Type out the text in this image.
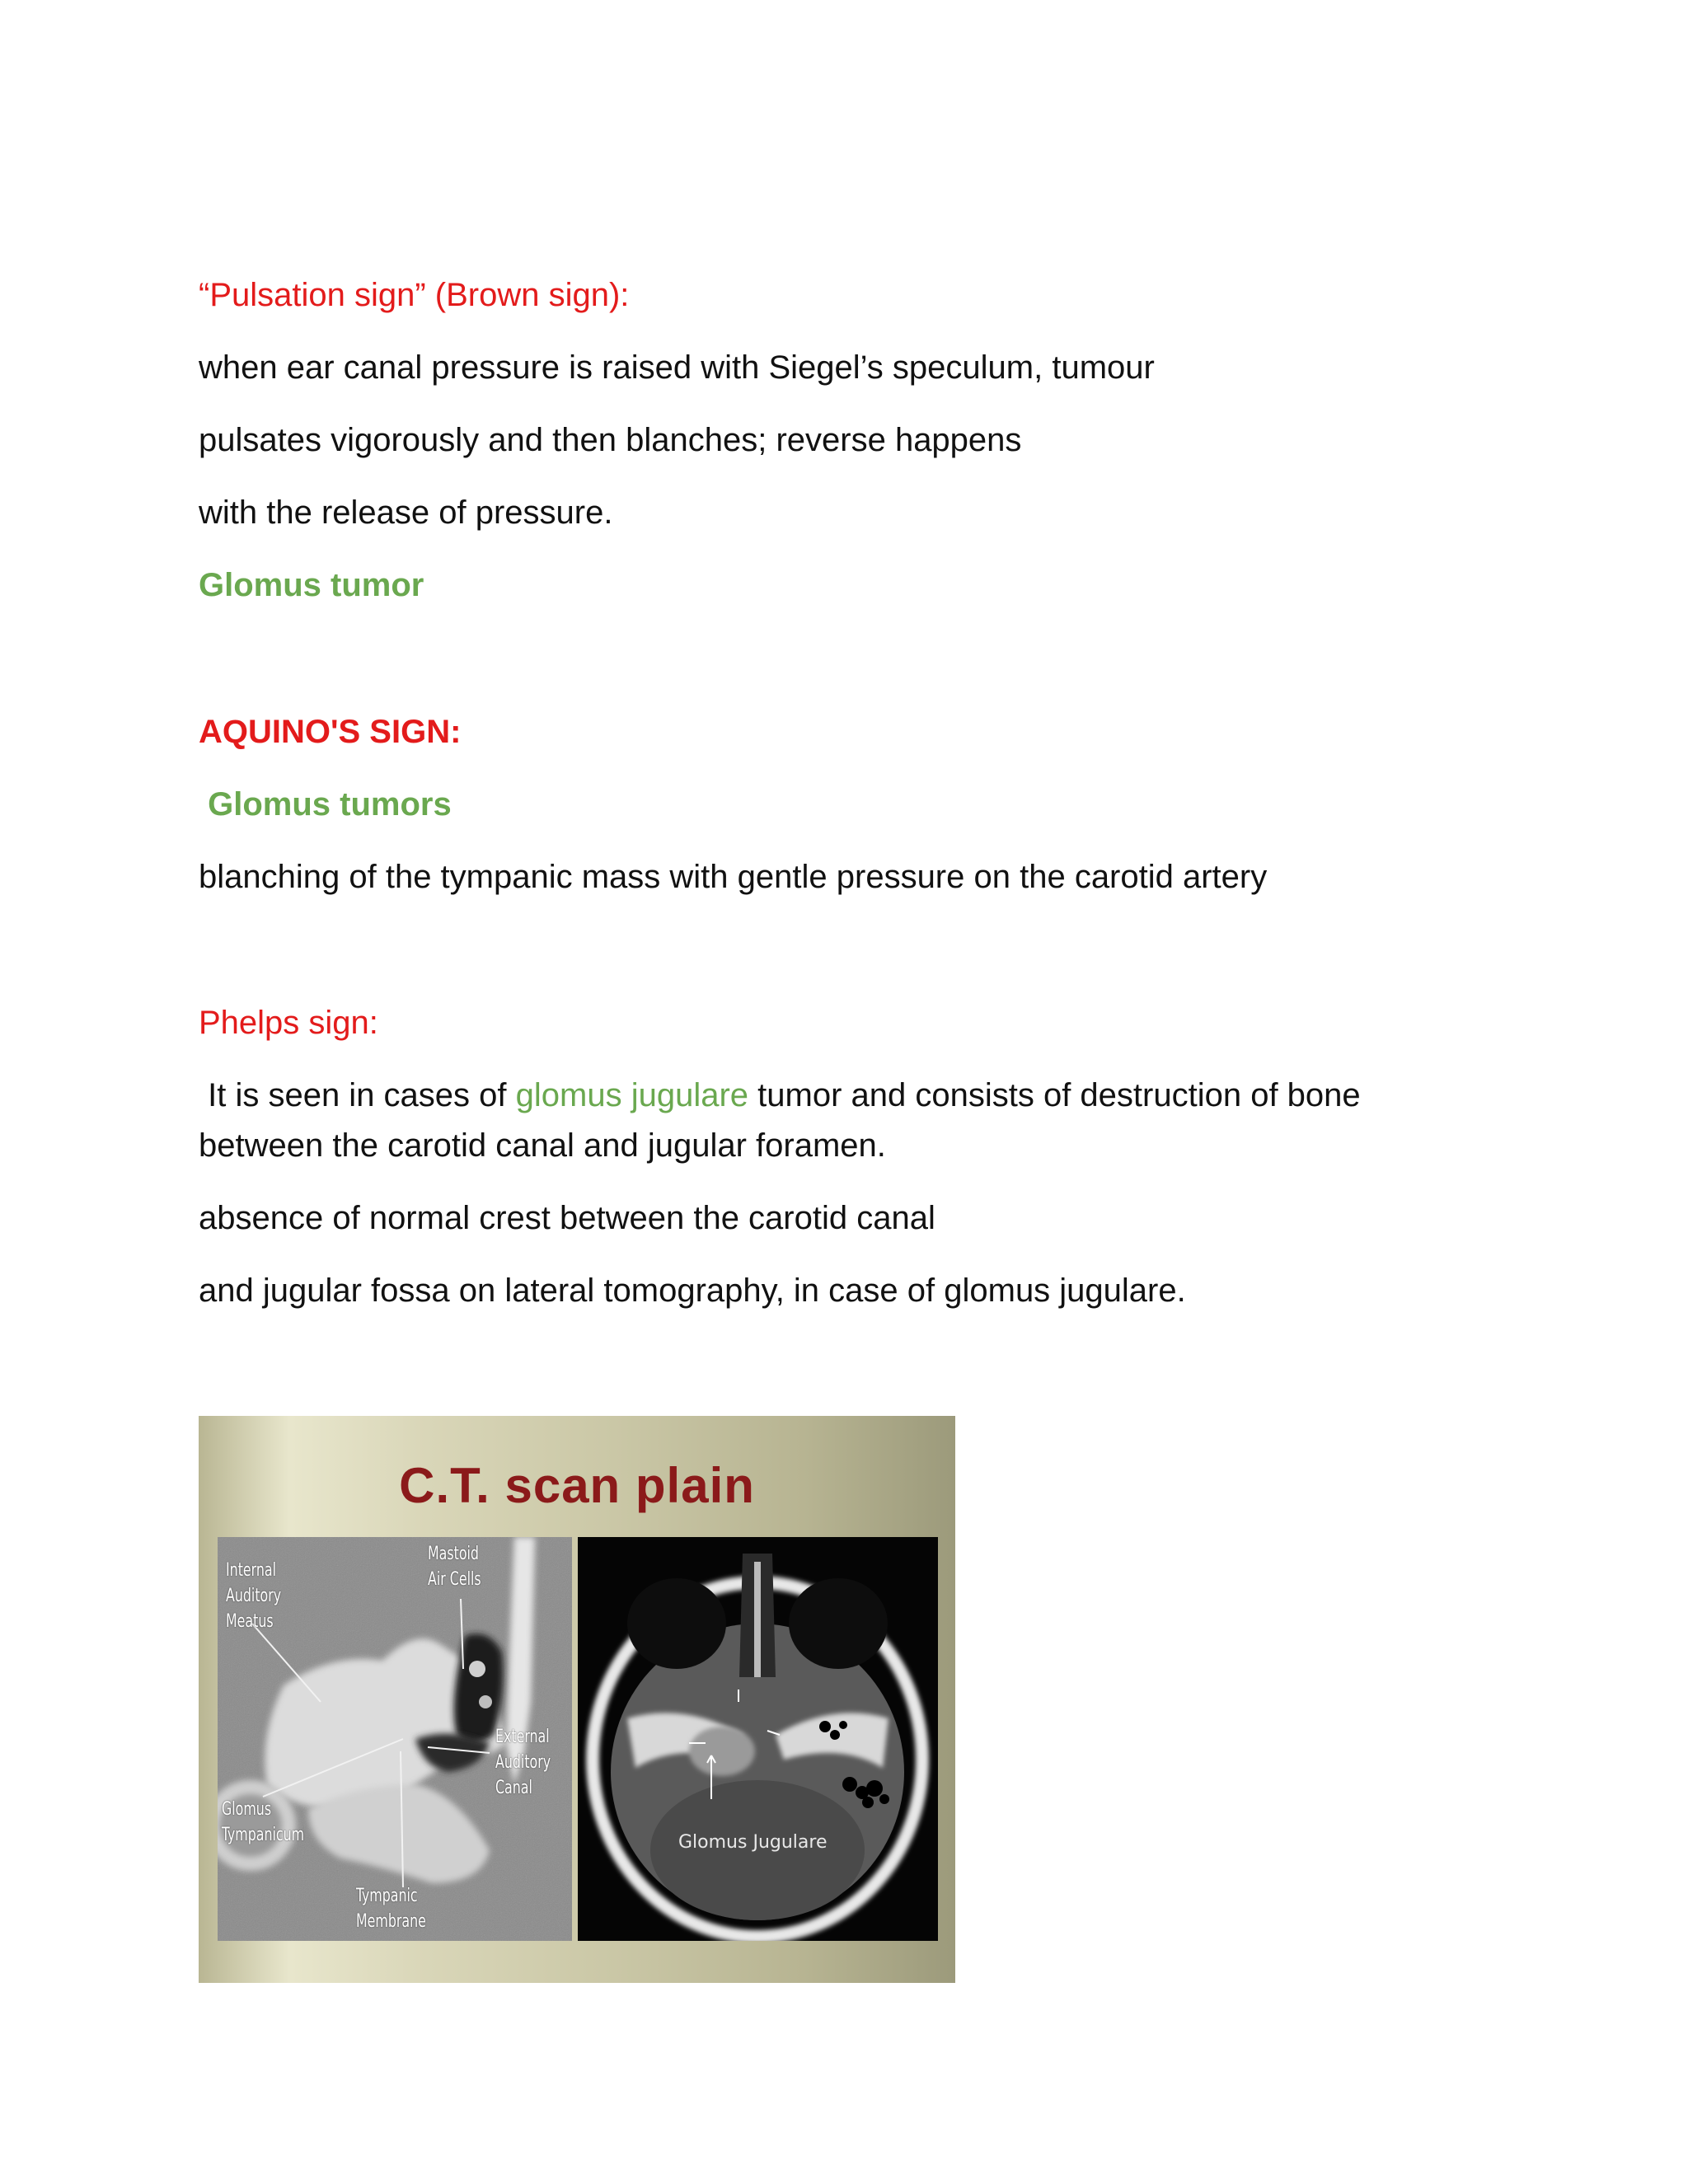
“Pulsation sign” (Brown sign):

when ear canal pressure is raised with Siegel’s speculum, tumour

pulsates vigorously and then blanches; reverse happens

with the release of pressure.

Glomus tumor

AQUINO'S SIGN:

Glomus tumors

blanching of the tympanic mass with gentle pressure on the carotid artery

Phelps sign:

It is seen in cases of glomus jugulare tumor and consists of destruction of bone

between the carotid canal and jugular foramen.

absence of normal crest between the carotid canal

and jugular fossa on lateral tomography, in case of glomus jugulare.

C.T. scan plain
Internal
Auditory
Meatus
Mastoid
Air Cells
External
Auditory
Canal
Glomus
Tympanicum
Tympanic
Membrane
Glomus Jugulare
